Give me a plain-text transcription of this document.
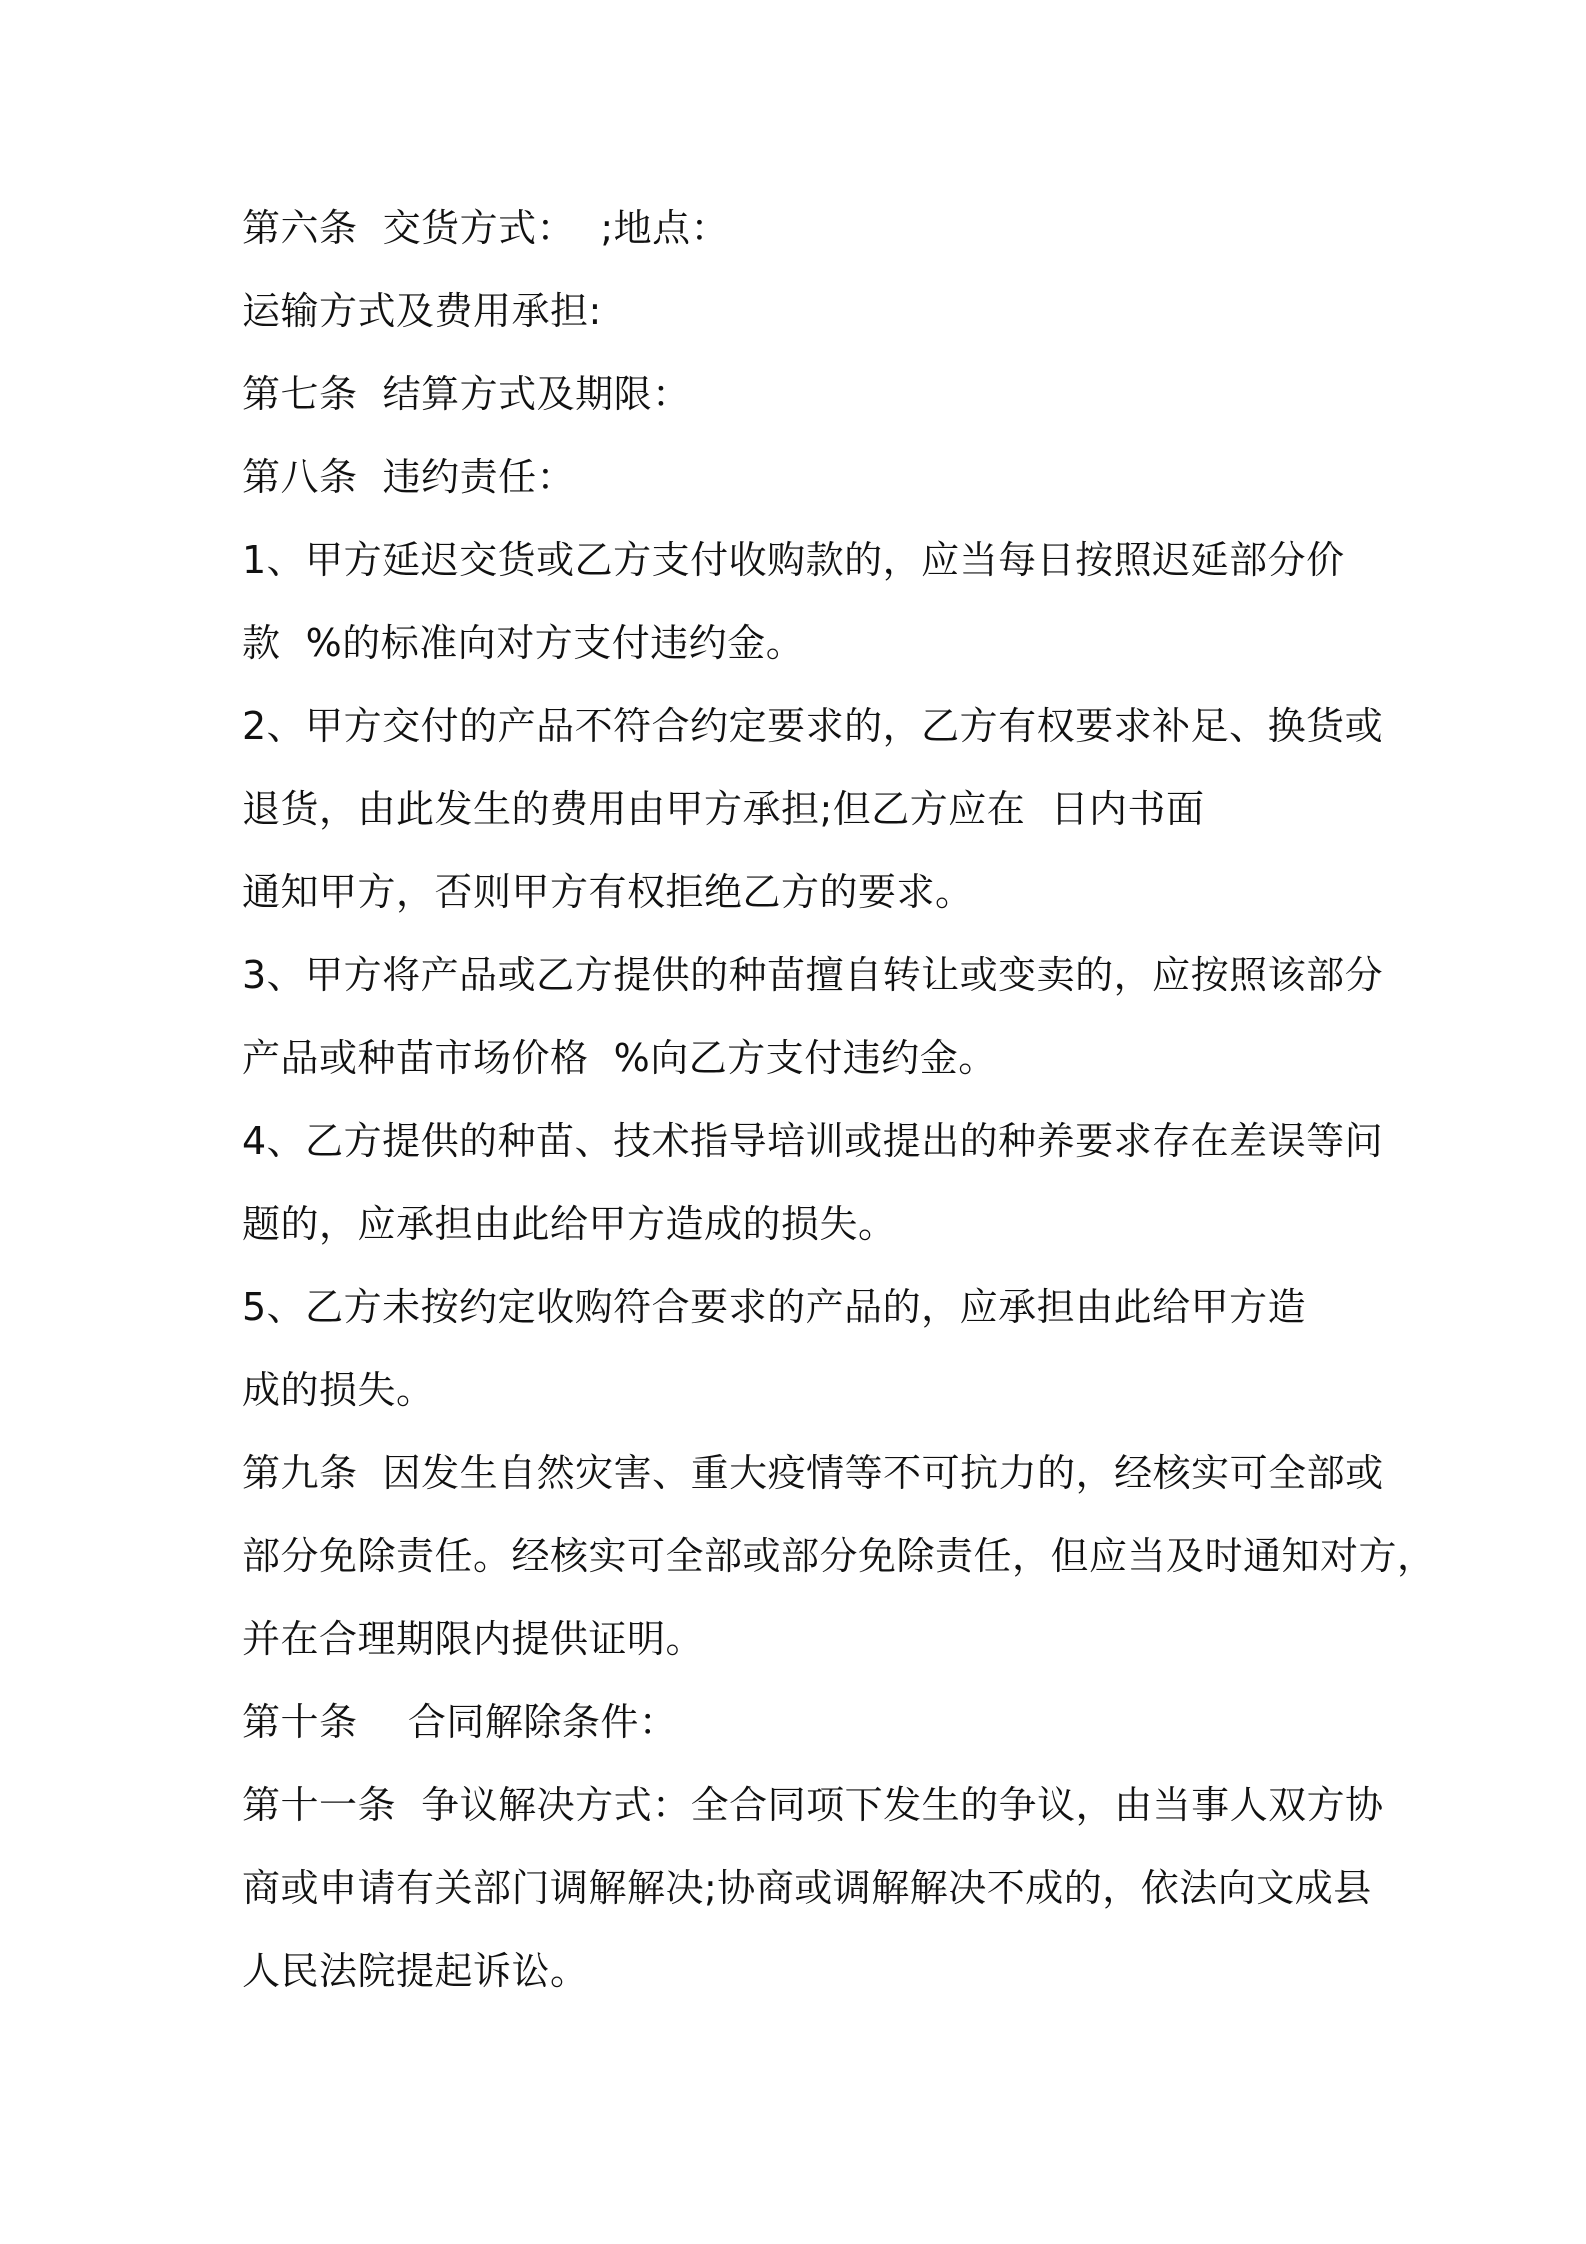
第六条  交货方式：  ;地点：
运输方式及费用承担:
第七条  结算方式及期限：
第八条  违约责任：
1、甲方延迟交货或乙方支付收购款的，应当每日按照迟延部分价
款  %的标准向对方支付违约金。
2、甲方交付的产品不符合约定要求的，乙方有权要求补足、换货或
退货，由此发生的费用由甲方承担;但乙方应在  日内书面
通知甲方，否则甲方有权拒绝乙方的要求。
3、甲方将产品或乙方提供的种苗擅自转让或变卖的，应按照该部分
产品或种苗市场价格  %向乙方支付违约金。
4、乙方提供的种苗、技术指导培训或提出的种养要求存在差误等问
题的，应承担由此给甲方造成的损失。
5、乙方未按约定收购符合要求的产品的，应承担由此给甲方造
成的损失。
第九条  因发生自然灾害、重大疫情等不可抗力的，经核实可全部或
部分免除责任。经核实可全部或部分免除责任，但应当及时通知对方，
并在合理期限内提供证明。
第十条    合同解除条件：
第十一条  争议解决方式：全合同项下发生的争议，由当事人双方协
商或申请有关部门调解解决;协商或调解解决不成的，依法向文成县
人民法院提起诉讼。
